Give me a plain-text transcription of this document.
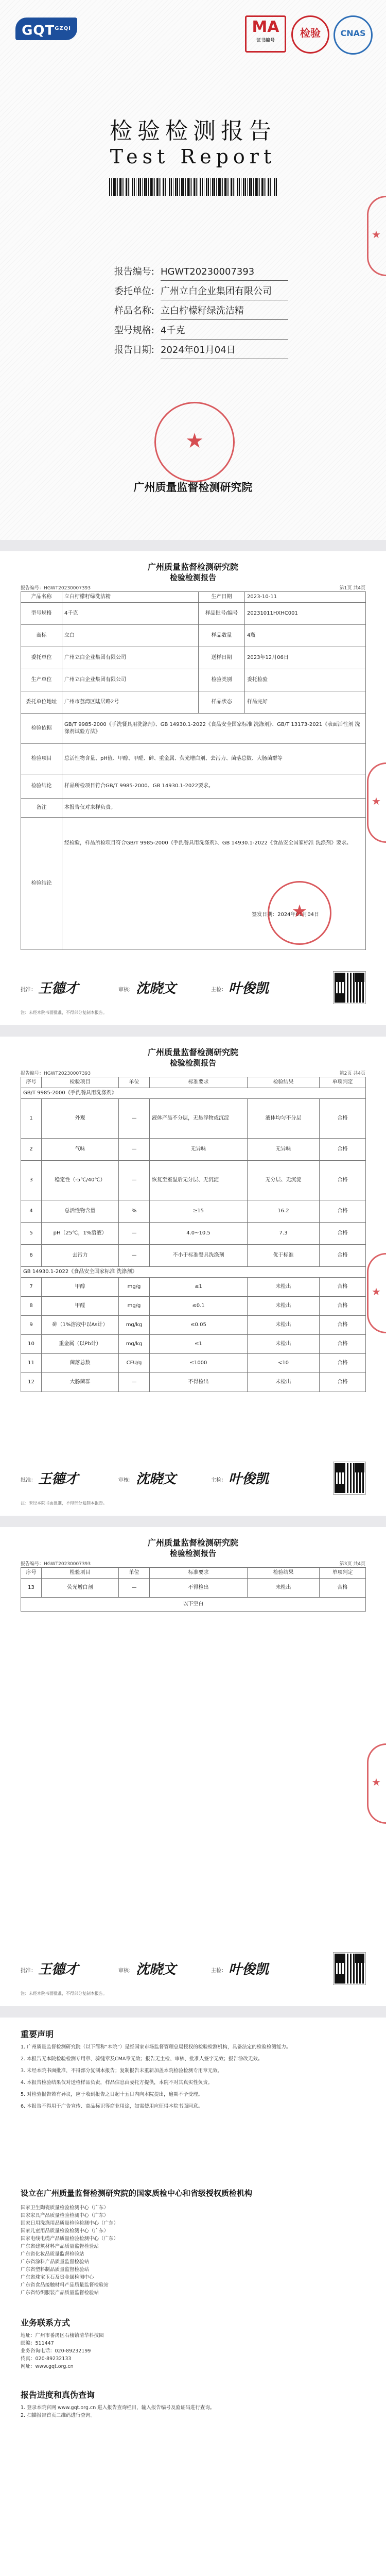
$GQT^{GZQI}$	MA
证书编号
检验	CNAS
检验检测报告
Test Report
报告编号: HGWT20230007393
委托单位: 广州立白企业集团有限公司
样品名称: 立白柠檬籽绿洗洁精
型号规格: 4千克
报告日期: 2024年01月04日
★
广州质量监督检测研究院
★
广州质量监督检测研究院
检验检测报告
报告编号：HGWT20230007393	第1页 共4页
产品名称	立白柠檬籽绿洗洁精	生产日期	2023-10-11
型号规格	4千克	样品批号/编号	20231011HXHC001
商标	立白	样品数量	4瓶
委托单位	广州立白企业集团有限公司	送样日期	2023年12月06日
生产单位	广州立白企业集团有限公司	检验类别	委托检验
委托单位地址	广州市荔湾区陆居路2号	样品状态	样品完好
检验依据	GB/T 9985-2000《手洗餐具用洗涤剂》、GB 14930.1-2022《食品安全国家标准 洗涤剂》、GB/T 13173-2021《表面活性剂 洗涤剂试验方法》		
检验项目	总活性物含量、pH值、甲醇、甲醛、砷、重金属、荧光增白剂、去污力、菌落总数、大肠菌群等		
检验结论	样品所检项目符合GB/T 9985-2000、GB 14930.1-2022要求。		
备注	本报告仅对来样负责。		
检验结论	经检验，样品所检项目符合GB/T 9985-2000《手洗餐具用洗涤剂》、GB 14930.1-2022《食品安全国家标准 洗涤剂》要求。
签发日期：2024年01月04日		
★
★
批准： 王德才	审核： 沈晓文	主检： 叶俊凯
注：未经本院书面批准，不得部分复制本报告。
广州质量监督检测研究院
检验检测报告
报告编号：HGWT20230007393	第2页 共4页
序号	检验项目	单位	标准要求	检验结果	单项判定
GB/T 9985-2000《手洗餐具用洗涤剂》					
1	外观	—	液体产品不分层，无悬浮物或沉淀	液体均匀不分层	合格
2	气味	—	无异味	无异味	合格
3	稳定性（-5℃/40℃）	—	恢复至室温后无分层、无沉淀	无分层、无沉淀	合格
4	总活性物含量	%	≥15	16.2	合格
5	pH（25℃，1%溶液）	—	4.0~10.5	7.3	合格
6	去污力	—	不小于标准餐具洗涤剂	优于标准	合格
GB 14930.1-2022《食品安全国家标准 洗涤剂》					
7	甲醇	mg/g	≤1	未检出	合格
8	甲醛	mg/g	≤0.1	未检出	合格
9	砷（1%溶液中以As计）	mg/kg	≤0.05	未检出	合格
10	重金属（以Pb计）	mg/kg	≤1	未检出	合格
11	菌落总数	CFU/g	≤1000	<10	合格
12	大肠菌群	—	不得检出	未检出	合格
★
批准： 王德才	审核： 沈晓文	主检： 叶俊凯
注：未经本院书面批准，不得部分复制本报告。
广州质量监督检测研究院
检验检测报告
报告编号：HGWT20230007393	第3页 共4页
序号	检验项目	单位	标准要求	检验结果	单项判定
13	荧光增白剂	—	不得检出	未检出	合格
以下空白					
★
批准： 王德才	审核： 沈晓文	主检： 叶俊凯
注：未经本院书面批准，不得部分复制本报告。
重要声明
1. 广州质量监督检测研究院（以下简称“本院”）是经国家市场监督管理总局授权的检验检测机构，具备法定的检验检测能力。
2. 本报告无本院检验检测专用章、骑缝章及CMA章无效；报告无主检、审核、批准人签字无效；报告涂改无效。
3. 未经本院书面批准，不得部分复制本报告；复制报告未重新加盖本院检验检测专用章无效。
4. 本报告检验结果仅对送检样品负责，样品信息由委托方提供，本院不对其真实性负责。
5. 对检验报告若有异议，应于收到报告之日起十五日内向本院提出，逾期不予受理。
6. 本报告不得用于广告宣传、商品标识等商业用途，如需使用应征得本院书面同意。
设立在广州质量监督检测研究院的国家质检中心和省级授权质检机构
国家卫生陶瓷质量检验检测中心（广东）
国家家具产品质量检验检测中心（广东）
国家日用洗涤用品质量检验检测中心（广东）
国家儿童用品质量检验检测中心（广东）
国家电线电缆产品质量检验检测中心（广东）
广东省建筑材料产品质量监督检验站
广东省化妆品质量监督检验站
广东省涂料产品质量监督检验站
广东省塑料制品质量监督检验站
广东省珠宝玉石及贵金属检测中心
广东省食品接触材料产品质量监督检验站
广东省纺织服装产品质量监督检验站
业务联系方式
地址：广州市番禺区石楼镇清华科技园
邮编：511447
业务咨询电话：020-89232199
传真：020-89232133
网址：www.gqt.org.cn
报告进度和真伪查询
1. 登录本院官网 www.gqt.org.cn 进入报告查询栏目，输入报告编号及验证码进行查询。
2. 扫描报告首页二维码进行查询。
